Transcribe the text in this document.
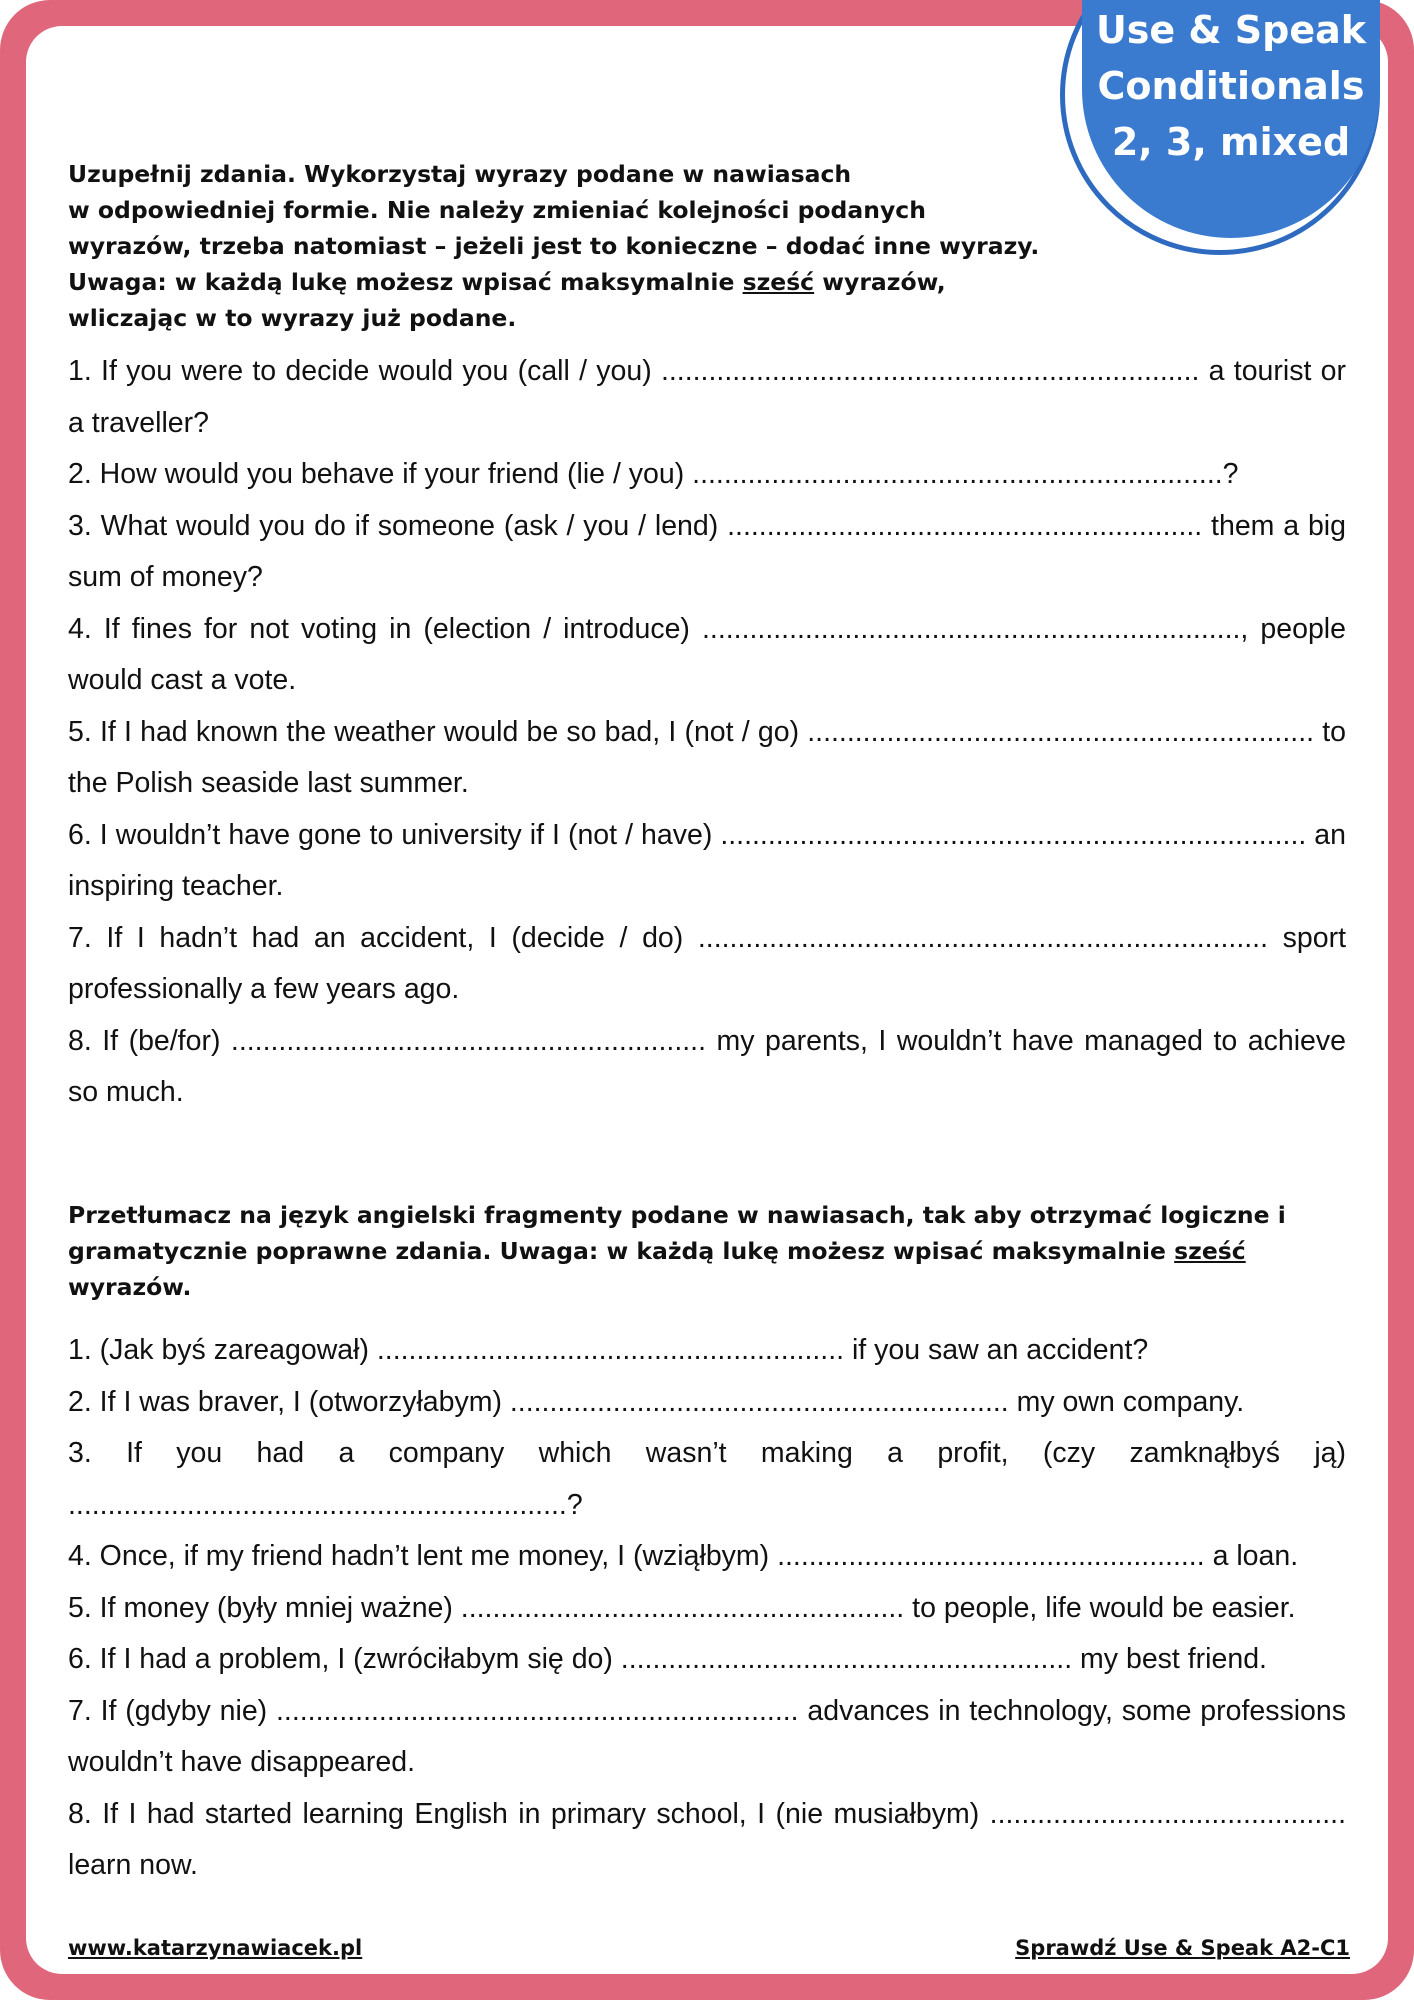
Use & Speak
Conditionals
2, 3, mixed

Uzupełnij zdania. Wykorzystaj wyrazy podane w nawiasach
w odpowiedniej formie. Nie należy zmieniać kolejności podanych
wyrazów, trzeba natomiast – jeżeli jest to konieczne – dodać inne wyrazy.
Uwaga: w każdą lukę możesz wpisać maksymalnie sześć wyrazów,
wliczając w to wyrazy już podane.

1. If you were to decide would you (call / you) .................................................................... a tourist or a traveller?
2. How would you behave if your friend (lie / you) ...................................................................?
3. What would you do if someone (ask / you / lend) ............................................................ them a big sum of money?
4. If fines for not voting in (election / introduce) ...................................................................., people would cast a vote.
5. If I had known the weather would be so bad, I (not / go) ................................................................ to the Polish seaside last summer.
6. I wouldn’t have gone to university if I (not / have) .......................................................................... an inspiring teacher.
7. If I hadn’t had an accident, I (decide / do) ........................................................................ sport professionally a few years ago.
8. If (be/for) ............................................................ my parents, I wouldn’t have managed to achieve so much.

Przetłumacz na język angielski fragmenty podane w nawiasach, tak aby otrzymać logiczne i
gramatycznie poprawne zdania. Uwaga: w każdą lukę możesz wpisać maksymalnie sześć
wyrazów.

1. (Jak byś zareagował) ........................................................... if you saw an accident?
2. If I was braver, I (otworzyłabym) ............................................................... my own company.
3. If you had a company which wasn’t making a profit, (czy zamknąłbyś ją) ...............................................................?
4. Once, if my friend hadn’t lent me money, I (wziąłbym) ...................................................... a loan.
5. If money (były mniej ważne) ........................................................ to people, life would be easier.
6. If I had a problem, I (zwróciłabym się do) ......................................................... my best friend.
7. If (gdyby nie) .................................................................. advances in technology, some professions wouldn’t have disappeared.
8. If I had started learning English in primary school, I (nie musiałbym) ............................................. learn now.
www.katarzynawiacek.pl	Sprawdź Use & Speak A2-C1
